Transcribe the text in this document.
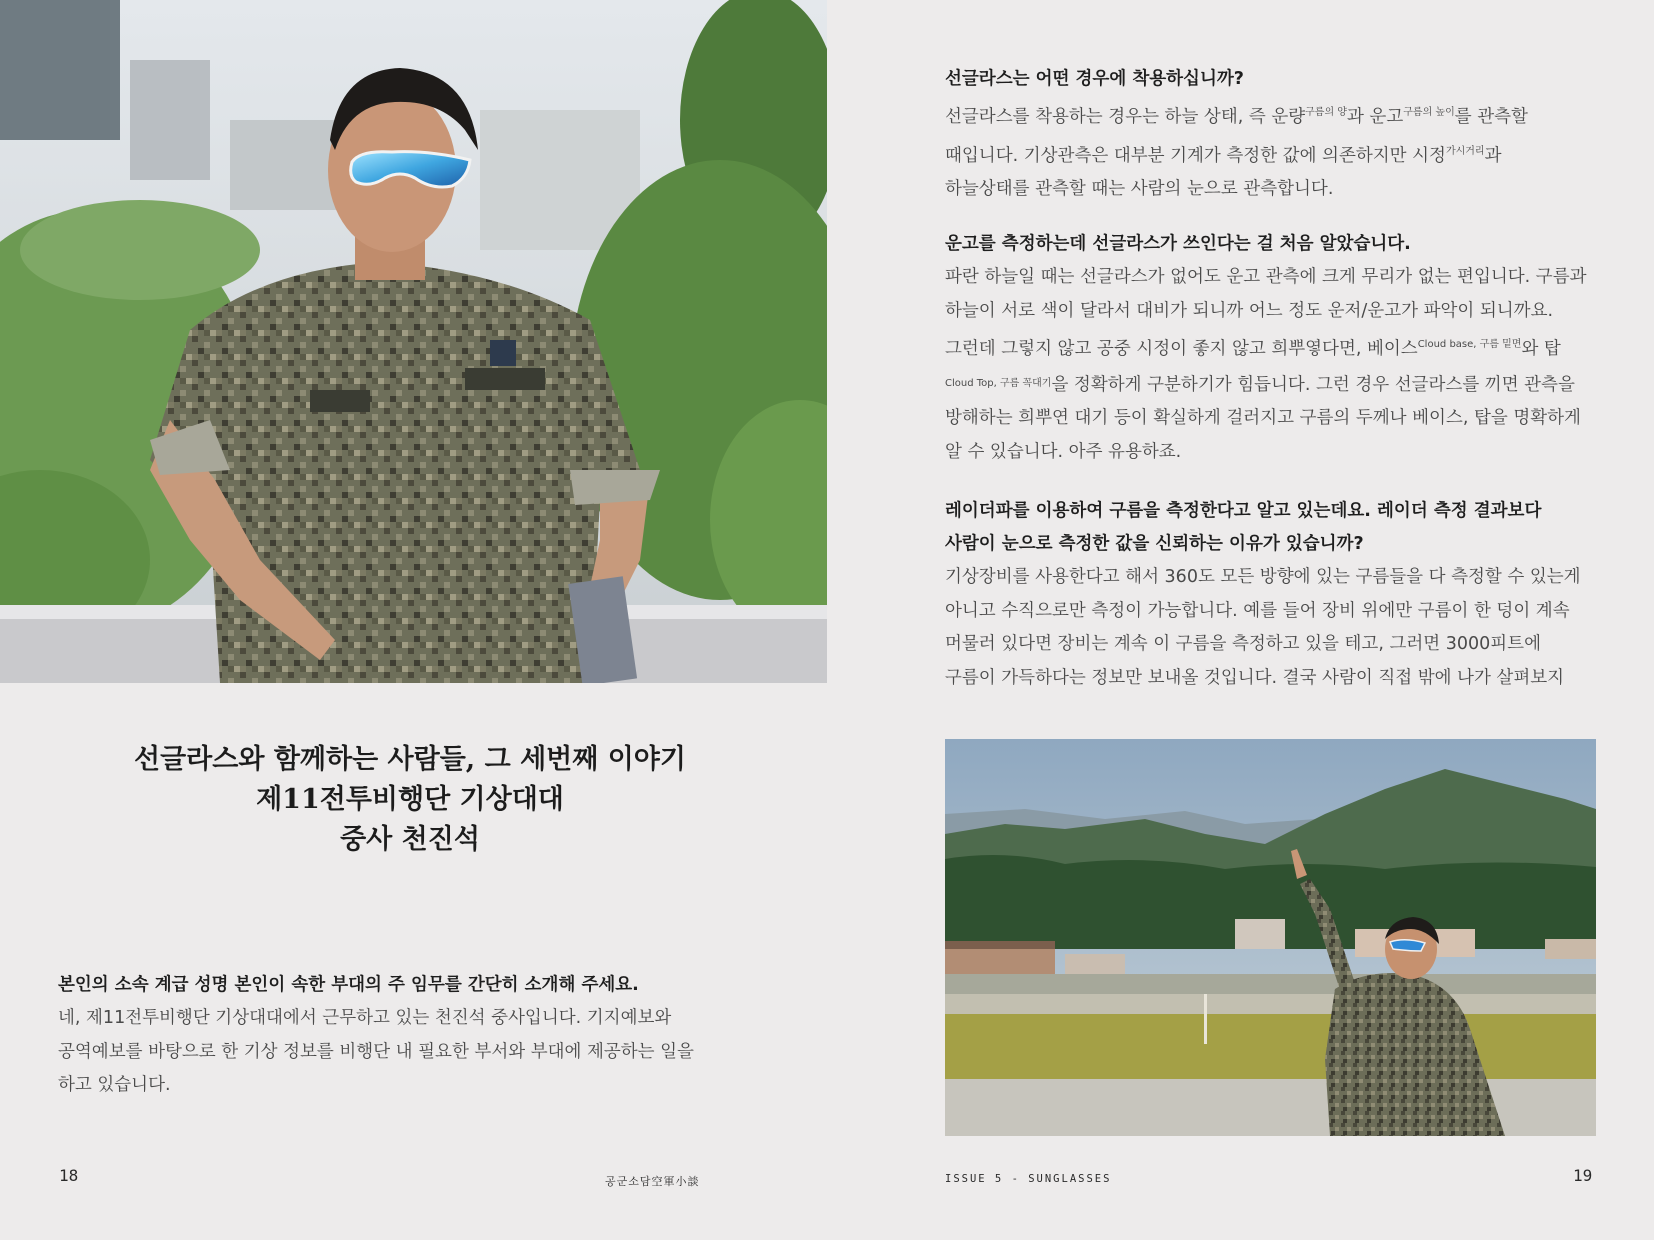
선글라스와 함께하는 사람들, 그 세번째 이야기
제11전투비행단 기상대대
중사 천진석
본인의 소속 계급 성명 본인이 속한 부대의 주 임무를 간단히 소개해 주세요.
네, 제11전투비행단 기상대대에서 근무하고 있는 천진석 중사입니다. 기지예보와
공역예보를 바탕으로 한 기상 정보를 비행단 내 필요한 부서와 부대에 제공하는 일을
하고 있습니다.
18	공군소담空軍小談
선글라스는 어떤 경우에 착용하십니까?
선글라스를 착용하는 경우는 하늘 상태, 즉 운량$^{구름의 양}$과 운고$^{구름의 높이}$를 관측할
때입니다. 기상관측은 대부분 기계가 측정한 값에 의존하지만 시정$^{가시거리}$과
하늘상태를 관측할 때는 사람의 눈으로 관측합니다.
운고를 측정하는데 선글라스가 쓰인다는 걸 처음 알았습니다.
파란 하늘일 때는 선글라스가 없어도 운고 관측에 크게 무리가 없는 편입니다. 구름과
하늘이 서로 색이 달라서 대비가 되니까 어느 정도 운저/운고가 파악이 되니까요.
그런데 그렇지 않고 공중 시정이 좋지 않고 희뿌옇다면, 베이스$^{Cloud base, 구름 밑면}$와 탑
$^{Cloud Top, 구름 꼭대기}$을 정확하게 구분하기가 힘듭니다. 그런 경우 선글라스를 끼면 관측을
방해하는 희뿌연 대기 등이 확실하게 걸러지고 구름의 두께나 베이스, 탑을 명확하게
알 수 있습니다. 아주 유용하죠.
레이더파를 이용하여 구름을 측정한다고 알고 있는데요. 레이더 측정 결과보다
사람이 눈으로 측정한 값을 신뢰하는 이유가 있습니까?
기상장비를 사용한다고 해서 360도 모든 방향에 있는 구름들을 다 측정할 수 있는게
아니고 수직으로만 측정이 가능합니다. 예를 들어 장비 위에만 구름이 한 덩이 계속
머물러 있다면 장비는 계속 이 구름을 측정하고 있을 테고, 그러면 3000피트에
구름이 가득하다는 정보만 보내올 것입니다. 결국 사람이 직접 밖에 나가 살펴보지
ISSUE 5 - SUNGLASSES	19
